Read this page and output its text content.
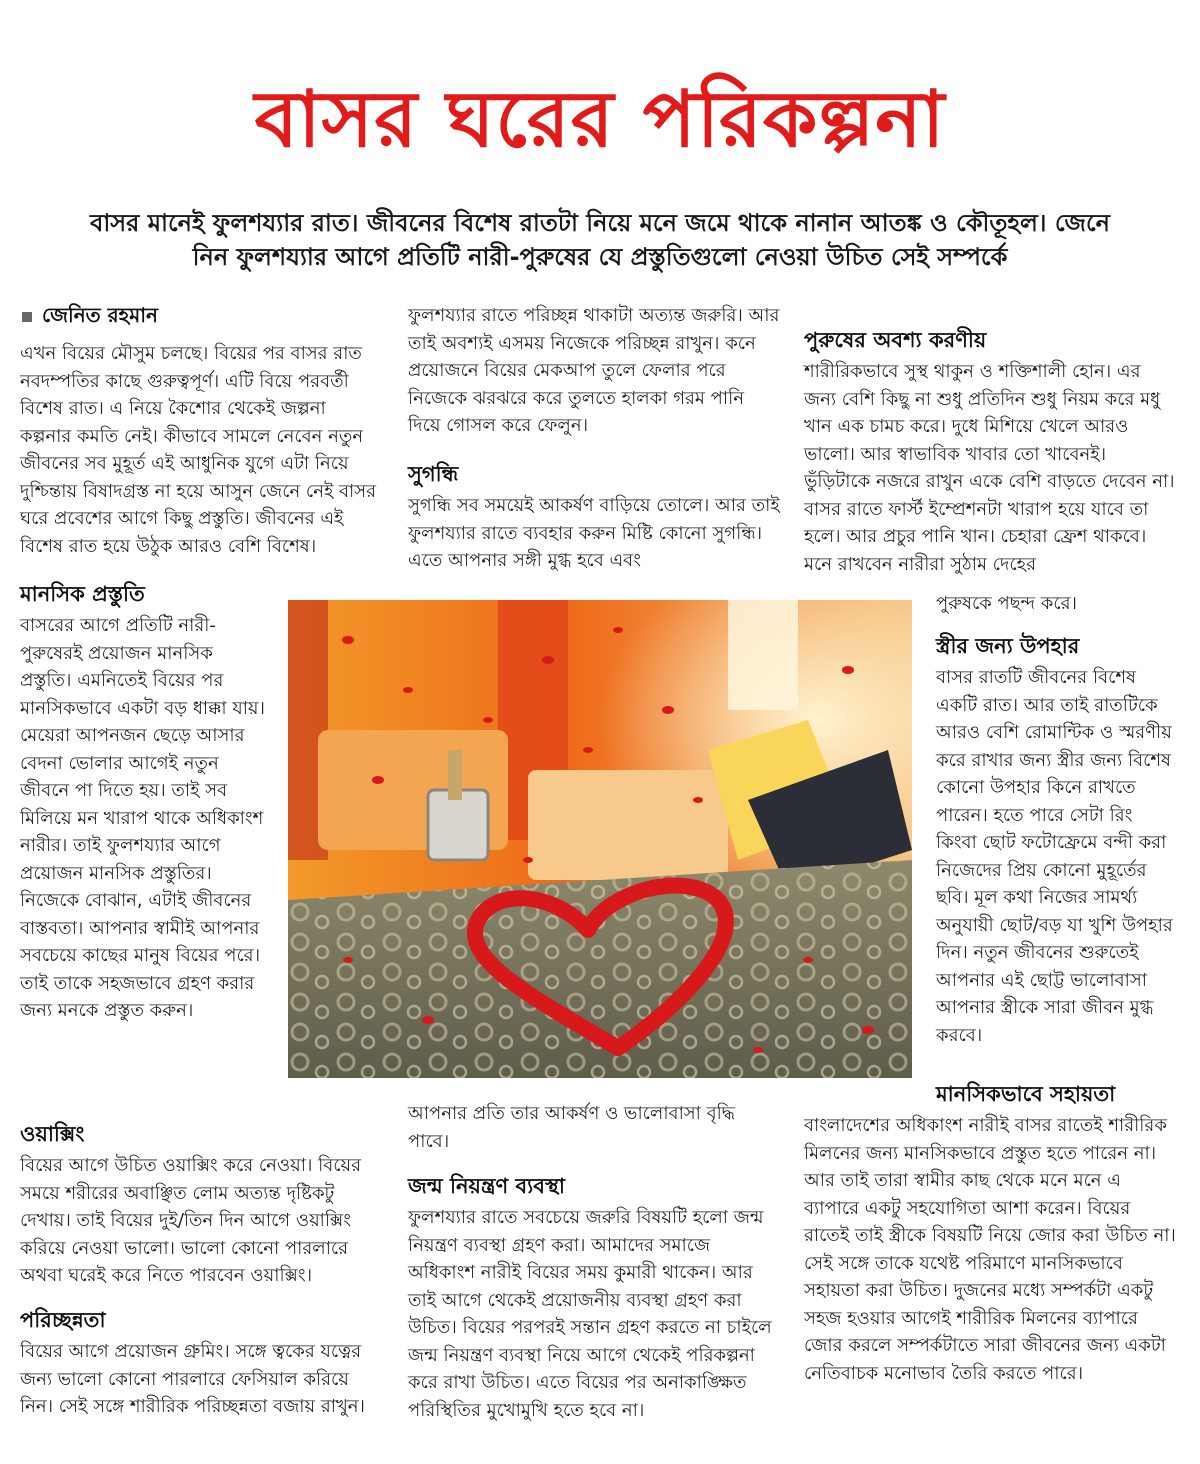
বাসর ঘরের পরিকল্পনা
বাসর মানেই ফুলশয্যার রাত। জীবনের বিশেষ রাতটা নিয়ে মনে জমে থাকে নানান আতঙ্ক ও কৌতূহল। জেনে নিন ফুলশয্যার আগে প্রতিটি নারী-পুরুষের যে প্রস্তুতিগুলো নেওয়া উচিত সেই সম্পর্কে
জেনিত রহমান

এখন বিয়ের মৌসুম চলছে। বিয়ের পর বাসর রাত নবদম্পতির কাছে গুরুত্বপূর্ণ। এটি বিয়ে পরবর্তী বিশেষ রাত। এ নিয়ে কৈশোর থেকেই জল্পনা কল্পনার কমতি নেই। কীভাবে সামলে নেবেন নতুন জীবনের সব মুহূর্ত এই আধুনিক যুগে এটা নিয়ে দুশ্চিন্তায় বিষাদগ্রস্ত না হয়ে আসুন জেনে নেই বাসর ঘরে প্রবেশের আগে কিছু প্রস্তুতি। জীবনের এই বিশেষ রাত হয়ে উঠুক আরও বেশি বিশেষ।

মানসিক প্রস্তুতি

বাসরের আগে প্রতিটি নারী-পুরুষেরই প্রয়োজন মানসিক প্রস্তুতি। এমনিতেই বিয়ের পর মানসিকভাবে একটা বড় ধাক্কা যায়। মেয়েরা আপনজন ছেড়ে আসার বেদনা ভোলার আগেই নতুন জীবনে পা দিতে হয়। তাই সব মিলিয়ে মন খারাপ থাকে অধিকাংশ নারীর। তাই ফুলশয্যার আগে প্রয়োজন মানসিক প্রস্তুতির। নিজেকে বোঝান, এটাই জীবনের বাস্তবতা। আপনার স্বামীই আপনার সবচেয়ে কাছের মানুষ বিয়ের পরে। তাই তাকে সহজভাবে গ্রহণ করার জন্য মনকে প্রস্তুত করুন।

ওয়াক্সিং

বিয়ের আগে উচিত ওয়াক্সিং করে নেওয়া। বিয়ের সময়ে শরীরের অবাঞ্ছিত লোম অত্যন্ত দৃষ্টিকটু দেখায়। তাই বিয়ের দুই/তিন দিন আগে ওয়াক্সিং করিয়ে নেওয়া ভালো। ভালো কোনো পারলারে অথবা ঘরেই করে নিতে পারবেন ওয়াক্সিং।

পরিচ্ছন্নতা

বিয়ের আগে প্রয়োজন গ্রুমিং। সঙ্গে ত্বকের যত্নের জন্য ভালো কোনো পারলারে ফেসিয়াল করিয়ে নিন। সেই সঙ্গে শারীরিক পরিচ্ছন্নতা বজায় রাখুন।

ফুলশয্যার রাতে পরিচ্ছন্ন থাকাটা অত্যন্ত জরুরি। আর তাই অবশ্যই এসময় নিজেকে পরিচ্ছন্ন রাখুন। কনে প্রয়োজনে বিয়ের মেকআপ তুলে ফেলার পরে নিজেকে ঝরঝরে করে তুলতে হালকা গরম পানি দিয়ে গোসল করে ফেলুন।

সুগন্ধি

সুগন্ধি সব সময়েই আকর্ষণ বাড়িয়ে তোলে। আর তাই ফুলশয্যার রাতে ব্যবহার করুন মিষ্টি কোনো সুগন্ধি। এতে আপনার সঙ্গী মুগ্ধ হবে এবং

আপনার প্রতি তার আকর্ষণ ও ভালোবাসা বৃদ্ধি পাবে।

জন্ম নিয়ন্ত্রণ ব্যবস্থা

ফুলশয্যার রাতে সবচেয়ে জরুরি বিষয়টি হলো জন্ম নিয়ন্ত্রণ ব্যবস্থা গ্রহণ করা। আমাদের সমাজে অধিকাংশ নারীই বিয়ের সময় কুমারী থাকেন। আর তাই আগে থেকেই প্রয়োজনীয় ব্যবস্থা গ্রহণ করা উচিত। বিয়ের পরপরই সন্তান গ্রহণ করতে না চাইলে জন্ম নিয়ন্ত্রণ ব্যবস্থা নিয়ে আগে থেকেই পরিকল্পনা করে রাখা উচিত। এতে বিয়ের পর অনাকাঙ্ক্ষিত পরিস্থিতির মুখোমুখি হতে হবে না।

পুরুষের অবশ্য করণীয়

শারীরিকভাবে সুস্থ থাকুন ও শক্তিশালী হোন। এর জন্য বেশি কিছু না শুধু প্রতিদিন শুধু নিয়ম করে মধু খান এক চামচ করে। দুধে মিশিয়ে খেলে আরও ভালো। আর স্বাভাবিক খাবার তো খাবেনই। ভুঁড়িটাকে নজরে রাখুন একে বেশি বাড়তে দেবেন না। বাসর রাতে ফার্স্ট ইম্প্রেশনটা খারাপ হয়ে যাবে তা হলে। আর প্রচুর পানি খান। চেহারা ফ্রেশ থাকবে। মনে রাখবেন নারীরা সুঠাম দেহের

পুরুষকে পছন্দ করে।

স্ত্রীর জন্য উপহার

বাসর রাতটি জীবনের বিশেষ একটি রাত। আর তাই রাতটিকে আরও বেশি রোমান্টিক ও স্মরণীয় করে রাখার জন্য স্ত্রীর জন্য বিশেষ কোনো উপহার কিনে রাখতে পারেন। হতে পারে সেটা রিং কিংবা ছোট ফটোফ্রেমে বন্দী করা নিজেদের প্রিয় কোনো মুহূর্তের ছবি। মূল কথা নিজের সামর্থ্য অনুযায়ী ছোট/বড় যা খুশি উপহার দিন। নতুন জীবনের শুরুতেই আপনার এই ছোট্ট ভালোবাসা আপনার স্ত্রীকে সারা জীবন মুগ্ধ করবে।

মানসিকভাবে সহায়তা

বাংলাদেশের অধিকাংশ নারীই বাসর রাতেই শারীরিক মিলনের জন্য মানসিকভাবে প্রস্তুত হতে পারেন না। আর তাই তারা স্বামীর কাছ থেকে মনে মনে এ ব্যাপারে একটু সহযোগিতা আশা করেন। বিয়ের রাতেই তাই স্ত্রীকে বিষয়টি নিয়ে জোর করা উচিত না। সেই সঙ্গে তাকে যথেষ্ট পরিমাণে মানসিকভাবে সহায়তা করা উচিত। দুজনের মধ্যে সম্পর্কটা একটু সহজ হওয়ার আগেই শারীরিক মিলনের ব্যাপারে জোর করলে সম্পর্কটাতে সারা জীবনের জন্য একটা নেতিবাচক মনোভাব তৈরি করতে পারে।
